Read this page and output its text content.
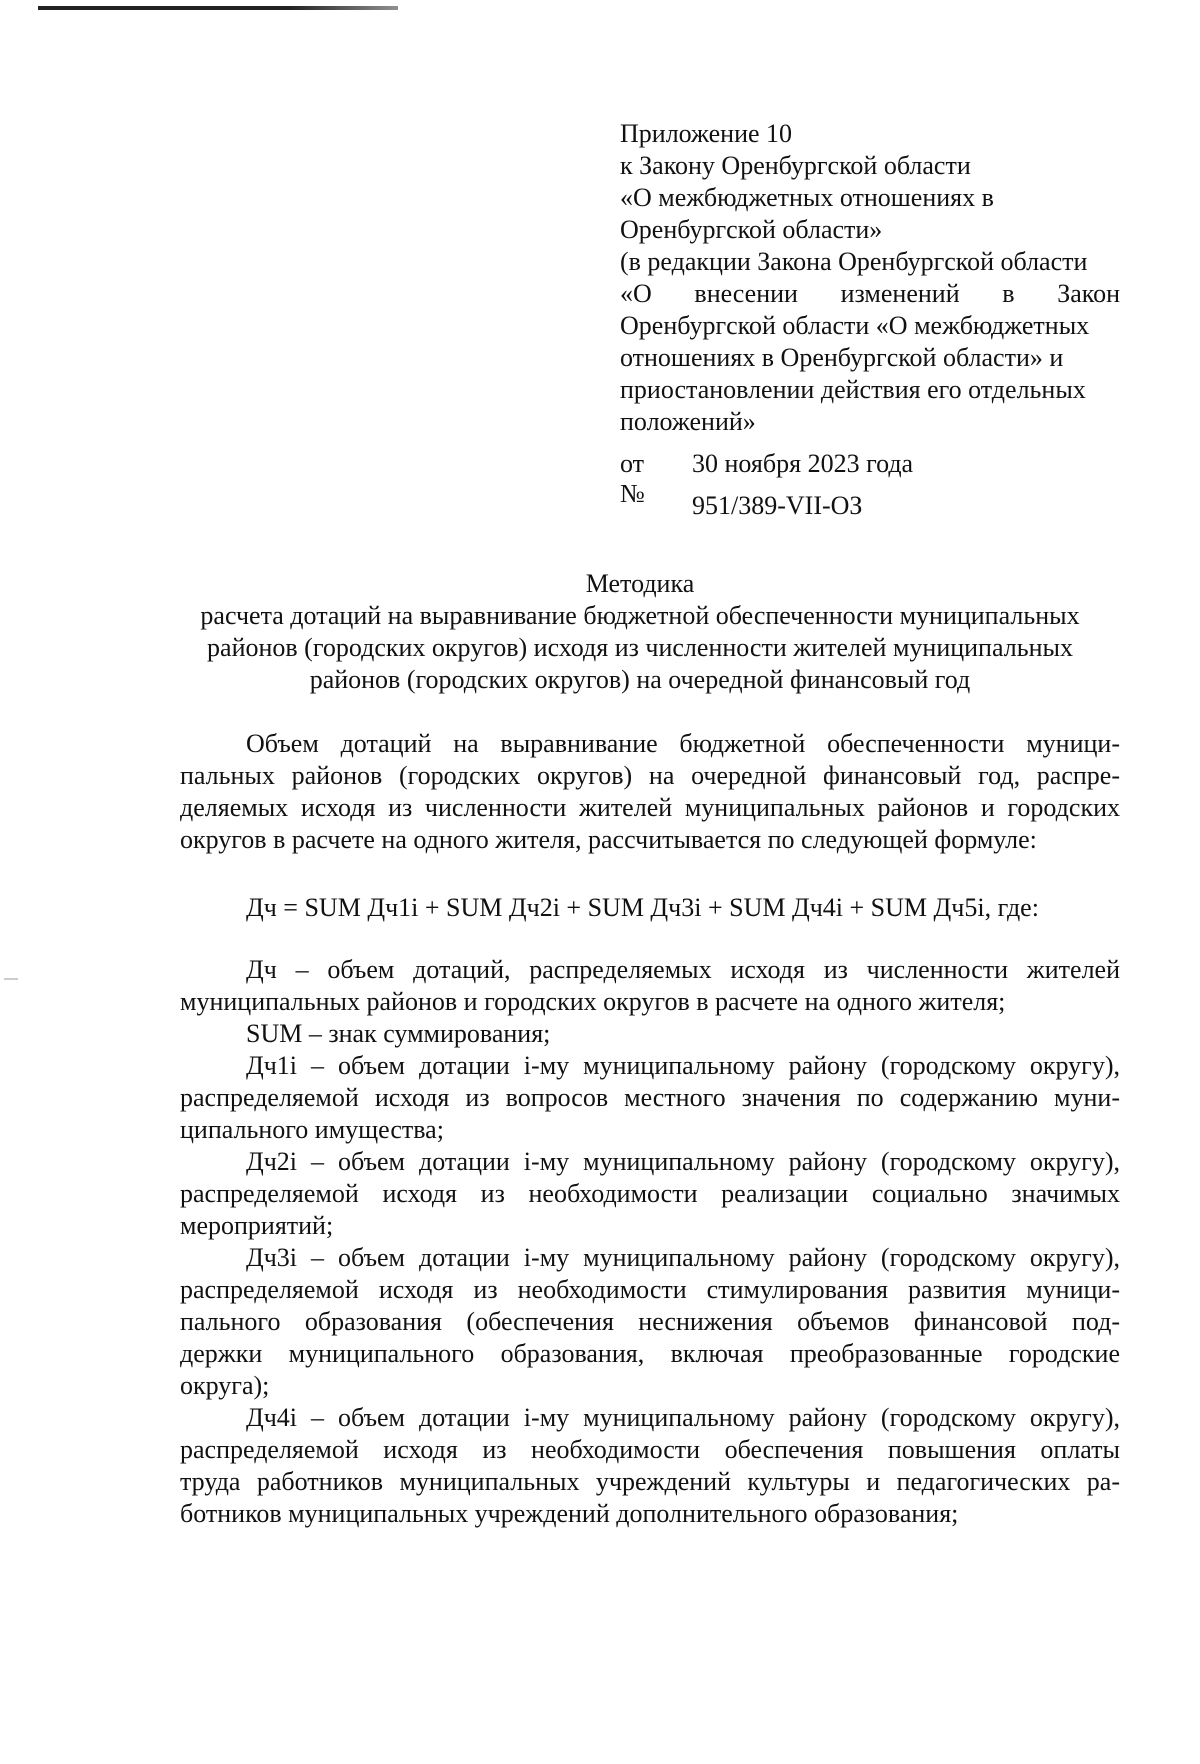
Приложение 10
к Закону Оренбургской области
«О межбюджетных отношениях в
Оренбургской области»
(в редакции Закона Оренбургской области
«О внесении изменений в Закон
Оренбургской области «О межбюджетных
отношениях в Оренбургской области» и
приостановлении действия его отдельных
положений»
от 30 ноября 2023 года
№ 951/389-VII-ОЗ
Методика
расчета дотаций на выравнивание бюджетной обеспеченности муниципальных
районов (городских округов) исходя из численности жителей муниципальных
районов (городских округов) на очередной финансовый год
Объем дотаций на выравнивание бюджетной обеспеченности муници-
пальных районов (городских округов) на очередной финансовый год, распре-
деляемых исходя из численности жителей муниципальных районов и городских
округов в расчете на одного жителя, рассчитывается по следующей формуле:
Дч = SUM Дч1i + SUM Дч2i + SUM Дч3i + SUM Дч4i + SUM Дч5i, где:
Дч – объем дотаций, распределяемых исходя из численности жителей
муниципальных районов и городских округов в расчете на одного жителя;
SUM – знак суммирования;
Дч1i – объем дотации i-му муниципальному району (городскому округу),
распределяемой исходя из вопросов местного значения по содержанию муни-
ципального имущества;
Дч2i – объем дотации i-му муниципальному району (городскому округу),
распределяемой исходя из необходимости реализации социально значимых
мероприятий;
Дч3i – объем дотации i-му муниципальному району (городскому округу),
распределяемой исходя из необходимости стимулирования развития муници-
пального образования (обеспечения неснижения объемов финансовой под-
держки муниципального образования, включая преобразованные городские
округа);
Дч4i – объем дотации i-му муниципальному району (городскому округу),
распределяемой исходя из необходимости обеспечения повышения оплаты
труда работников муниципальных учреждений культуры и педагогических ра-
ботников муниципальных учреждений дополнительного образования;
